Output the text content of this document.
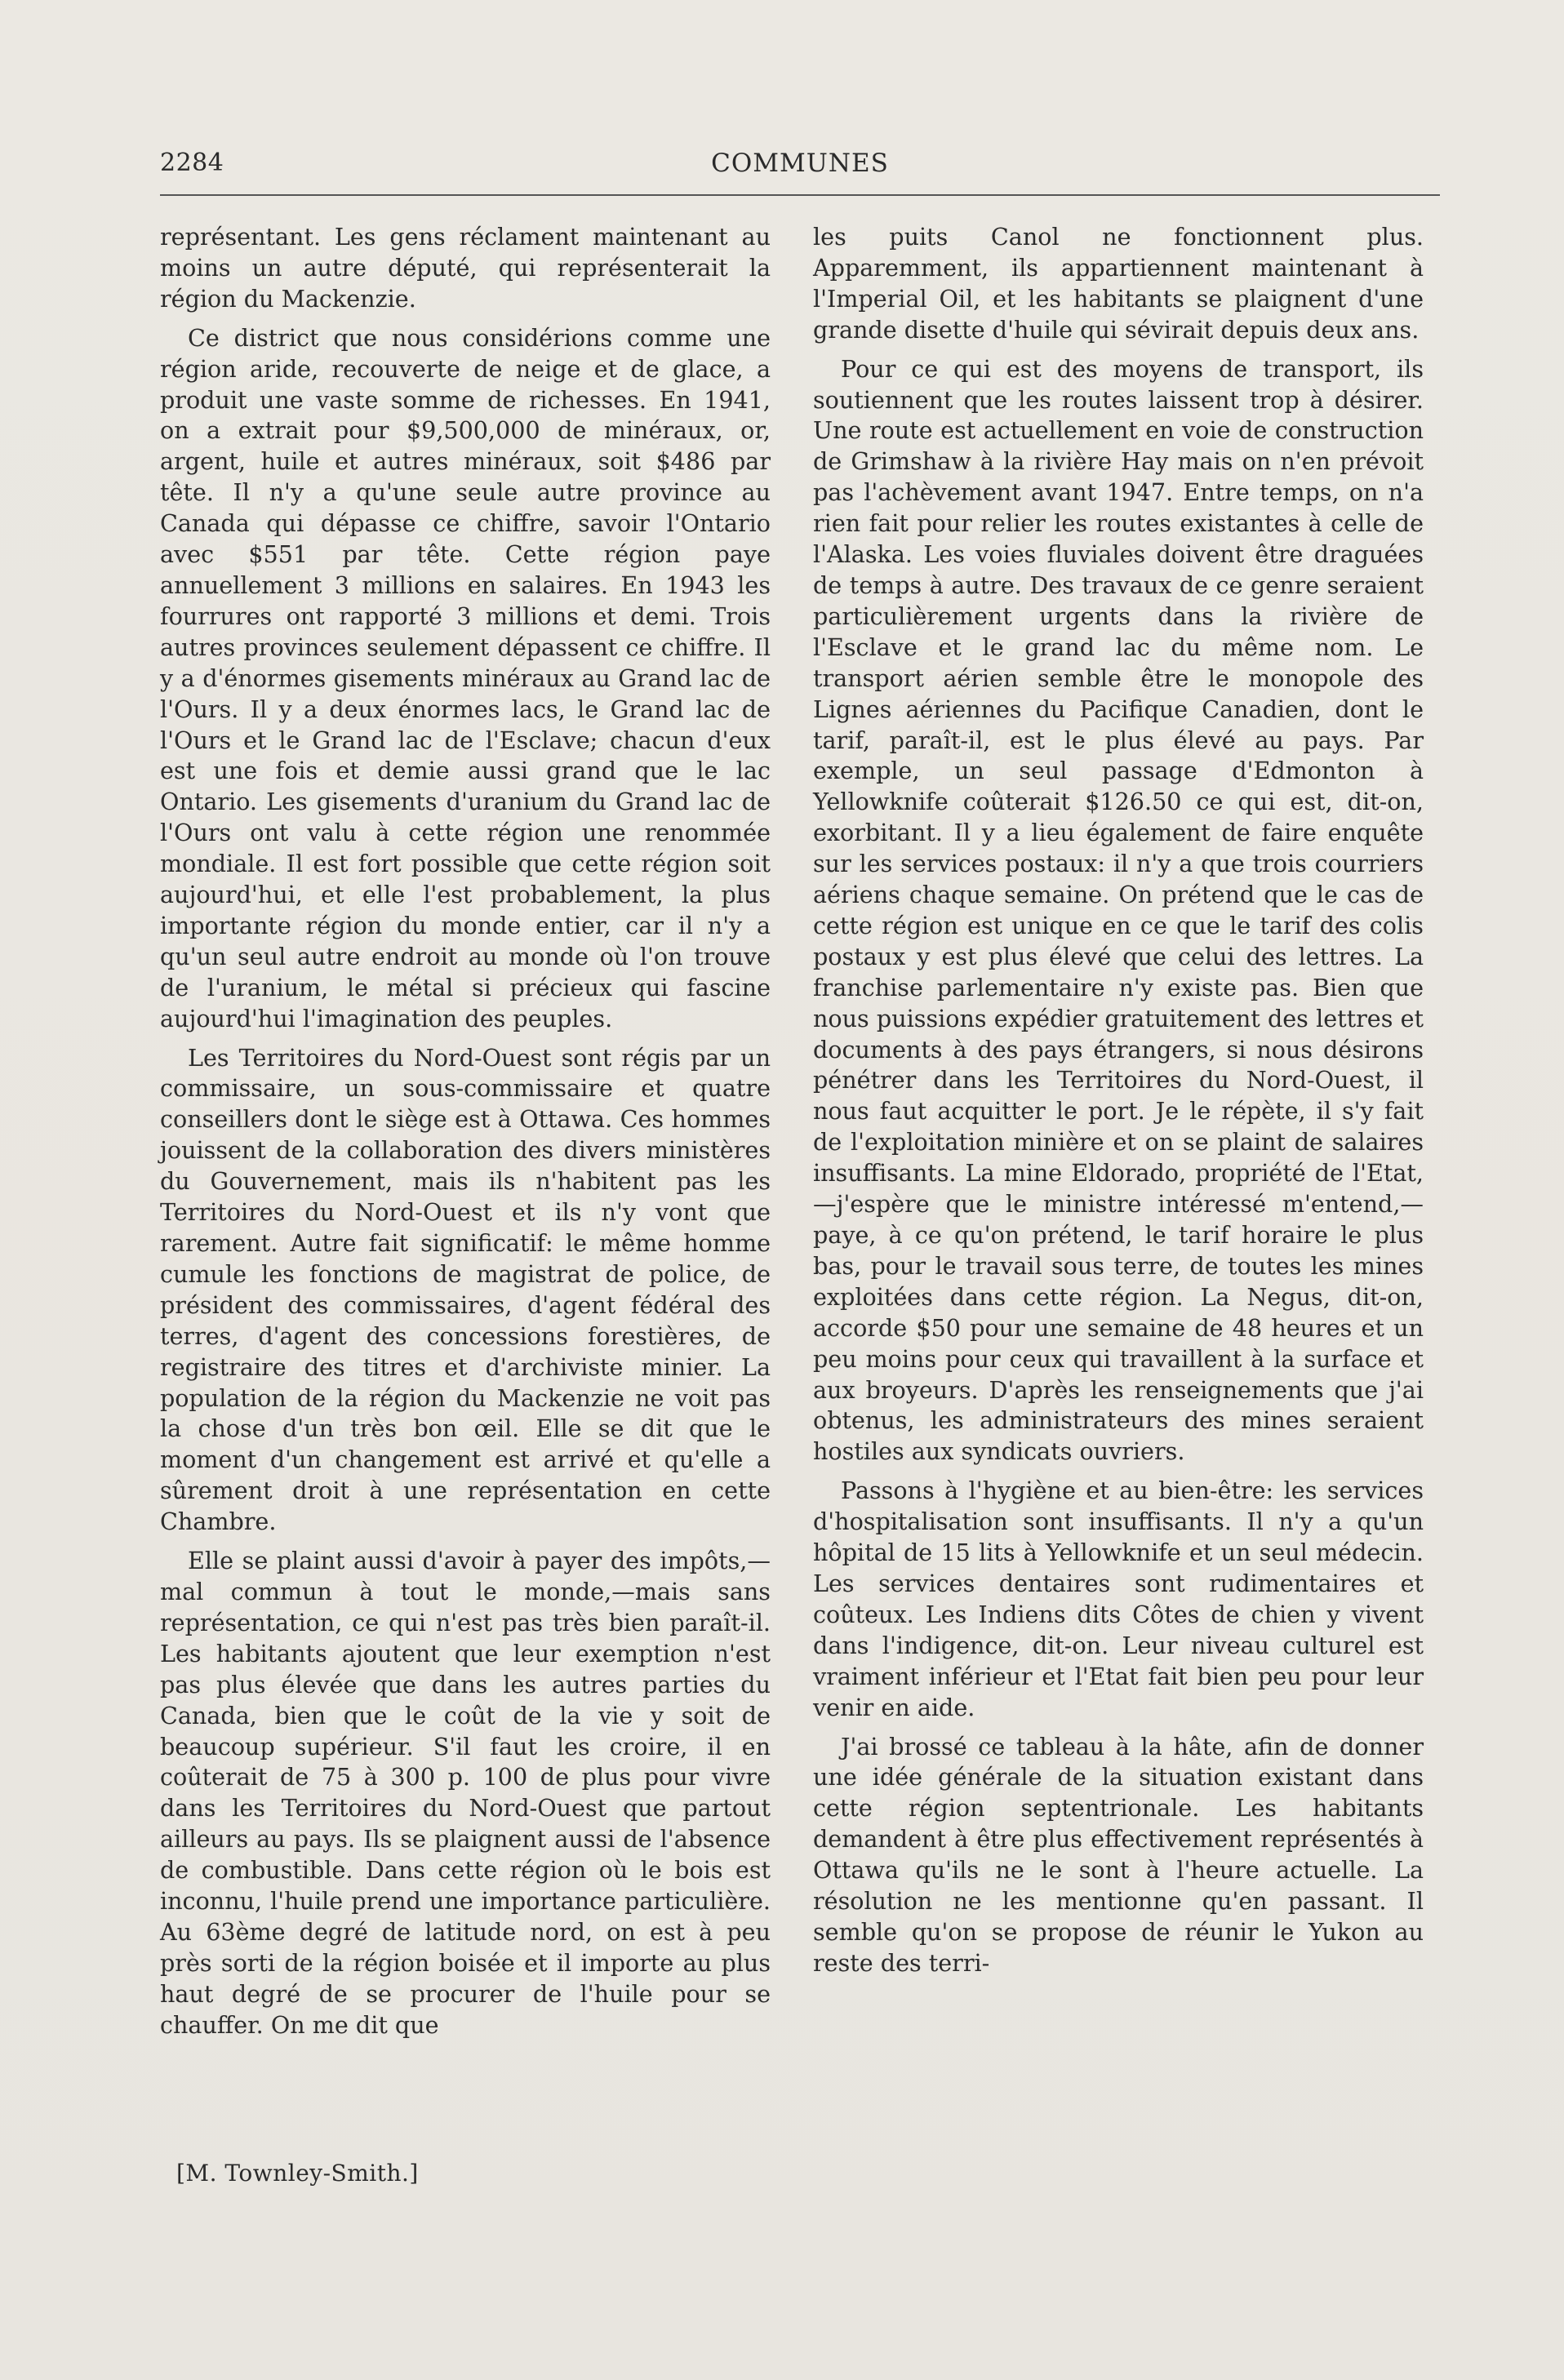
2284	COMMUNES

représentant. Les gens réclament maintenant au moins un autre député, qui représenterait la région du Mackenzie.

Ce district que nous considérions comme une région aride, recouverte de neige et de glace, a produit une vaste somme de richesses. En 1941, on a extrait pour $9,500,000 de minéraux, or, argent, huile et autres minéraux, soit $486 par tête. Il n'y a qu'une seule autre province au Canada qui dépasse ce chiffre, savoir l'Ontario avec $551 par tête. Cette région paye annuellement 3 millions en salaires. En 1943 les fourrures ont rapporté 3 millions et demi. Trois autres provinces seulement dépassent ce chiffre. Il y a d'énormes gisements minéraux au Grand lac de l'Ours. Il y a deux énormes lacs, le Grand lac de l'Ours et le Grand lac de l'Esclave; chacun d'eux est une fois et demie aussi grand que le lac Ontario. Les gisements d'uranium du Grand lac de l'Ours ont valu à cette région une renommée mondiale. Il est fort possible que cette région soit aujourd'hui, et elle l'est probablement, la plus importante région du monde entier, car il n'y a qu'un seul autre endroit au monde où l'on trouve de l'uranium, le métal si précieux qui fascine aujourd'hui l'imagination des peuples.

Les Territoires du Nord-Ouest sont régis par un commissaire, un sous-commissaire et quatre conseillers dont le siège est à Ottawa. Ces hommes jouissent de la collaboration des divers ministères du Gouvernement, mais ils n'habitent pas les Territoires du Nord-Ouest et ils n'y vont que rarement. Autre fait significatif: le même homme cumule les fonctions de magistrat de police, de président des commissaires, d'agent fédéral des terres, d'agent des concessions forestières, de registraire des titres et d'archiviste minier. La population de la région du Mackenzie ne voit pas la chose d'un très bon œil. Elle se dit que le moment d'un changement est arrivé et qu'elle a sûrement droit à une représentation en cette Chambre.

Elle se plaint aussi d'avoir à payer des impôts,—mal commun à tout le monde,—mais sans représentation, ce qui n'est pas très bien paraît-il. Les habitants ajoutent que leur exemption n'est pas plus élevée que dans les autres parties du Canada, bien que le coût de la vie y soit de beaucoup supérieur. S'il faut les croire, il en coûterait de 75 à 300 p. 100 de plus pour vivre dans les Territoires du Nord-Ouest que partout ailleurs au pays. Ils se plaignent aussi de l'absence de combustible. Dans cette région où le bois est inconnu, l'huile prend une importance particulière. Au 63ème degré de latitude nord, on est à peu près sorti de la région boisée et il importe au plus haut degré de se procurer de l'huile pour se chauffer. On me dit que

les puits Canol ne fonctionnent plus. Apparemment, ils appartiennent maintenant à l'Imperial Oil, et les habitants se plaignent d'une grande disette d'huile qui sévirait depuis deux ans.

Pour ce qui est des moyens de transport, ils soutiennent que les routes laissent trop à désirer. Une route est actuellement en voie de construction de Grimshaw à la rivière Hay mais on n'en prévoit pas l'achèvement avant 1947. Entre temps, on n'a rien fait pour relier les routes existantes à celle de l'Alaska. Les voies fluviales doivent être draguées de temps à autre. Des travaux de ce genre seraient particulièrement urgents dans la rivière de l'Esclave et le grand lac du même nom. Le transport aérien semble être le monopole des Lignes aériennes du Pacifique Canadien, dont le tarif, paraît-il, est le plus élevé au pays. Par exemple, un seul passage d'Edmonton à Yellowknife coûterait $126.50 ce qui est, dit-on, exorbitant. Il y a lieu également de faire enquête sur les services postaux: il n'y a que trois courriers aériens chaque semaine. On prétend que le cas de cette région est unique en ce que le tarif des colis postaux y est plus élevé que celui des lettres. La franchise parlementaire n'y existe pas. Bien que nous puissions expédier gratuitement des lettres et documents à des pays étrangers, si nous désirons pénétrer dans les Territoires du Nord-Ouest, il nous faut acquitter le port. Je le répète, il s'y fait de l'exploitation minière et on se plaint de salaires insuffisants. La mine Eldorado, propriété de l'Etat,—j'espère que le ministre intéressé m'entend,—paye, à ce qu'on prétend, le tarif horaire le plus bas, pour le travail sous terre, de toutes les mines exploitées dans cette région. La Negus, dit-on, accorde $50 pour une semaine de 48 heures et un peu moins pour ceux qui travaillent à la surface et aux broyeurs. D'après les renseignements que j'ai obtenus, les administrateurs des mines seraient hostiles aux syndicats ouvriers.

Passons à l'hygiène et au bien-être: les services d'hospitalisation sont insuffisants. Il n'y a qu'un hôpital de 15 lits à Yellowknife et un seul médecin. Les services dentaires sont rudimentaires et coûteux. Les Indiens dits Côtes de chien y vivent dans l'indigence, dit-on. Leur niveau culturel est vraiment inférieur et l'Etat fait bien peu pour leur venir en aide.

J'ai brossé ce tableau à la hâte, afin de donner une idée générale de la situation existant dans cette région septentrionale. Les habitants demandent à être plus effectivement représentés à Ottawa qu'ils ne le sont à l'heure actuelle. La résolution ne les mentionne qu'en passant. Il semble qu'on se propose de réunir le Yukon au reste des terri-

[M. Townley-Smith.]
